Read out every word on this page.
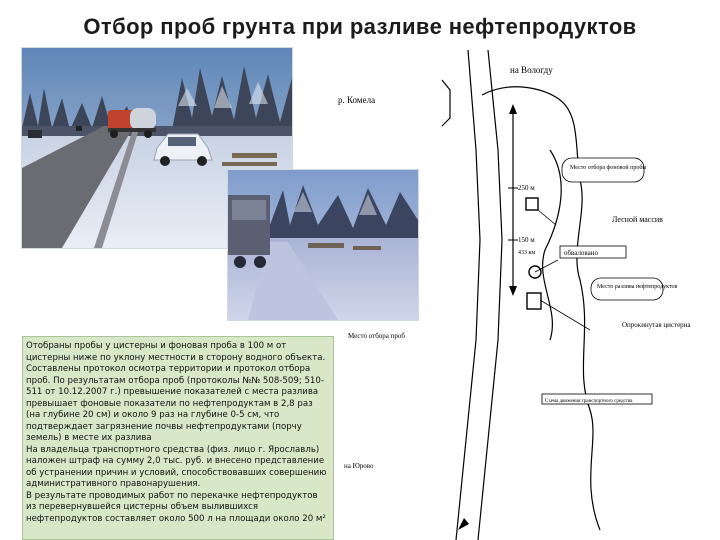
Отбор проб грунта при разливе нефтепродуктов

Отобраны пробы у цистерны и фоновая проба в 100 м от цистерны ниже по уклону местности в сторону водного объекта. Составлены протокол осмотра территории и протокол отбора проб. По результатам отбора проб (протоколы №№ 508-509; 510-511 от 10.12.2007 г.) превышение показателей с места разлива превышает фоновые показатели по нефтепродуктам в 2,8 раз (на глубине 20 см) и около 9 раз на глубине 0-5 см, что подтверждает загрязнение почвы нефтепродуктами (порчу земель) в месте их разлива

На владельца транспортного средства (физ. лицо г. Ярославль) наложен штраф на сумму 2,0 тыс. руб. и внесено представление об устранении причин и условий, способствовавших совершению административного правонарушения.

В результате проводимых работ по перекачке нефтепродуктов из перевернувшейся цистерны объем вылившихся нефтепродуктов составляет около 500 л на площади около 20 м²

на Вологду
р. Комела
Место отбора фоновой пробы
250 м
Лесной массив
150 м
433 км	обваловано
Место разлива нефтепродуктов
Место отбора проб
Опрокинутая цистерна
Схема движения транспортного средства
на Юрово
